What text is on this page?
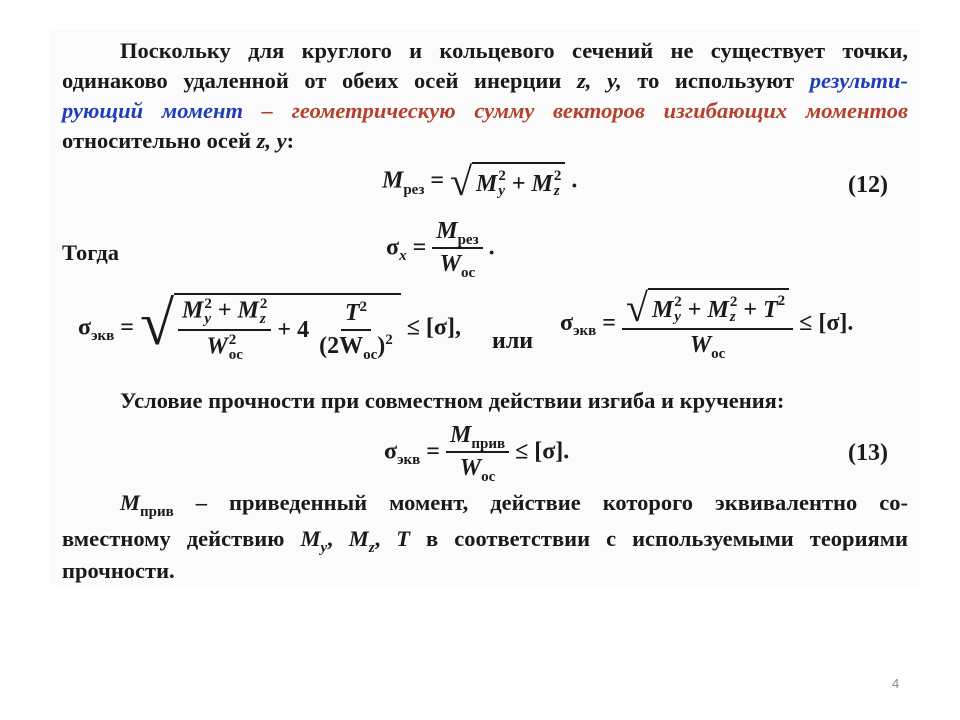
Поскольку для круглого и кольцевого сечений не существует точки,
одинаково удаленной от обеих осей инерции z, y, то используют результи-
рующий момент – геометрическую сумму векторов изгибающих моментов
относительно осей z, y:
$M_{рез}$ = √ M 2
y
+
M 2
z .	(12)
Тогда	$\sigma_x = \frac{M_{рез}}{W_{ос}}$ .
$\sigma_{экв}$ = √ M 2
y + M 2
z
W 2
ос
+ 4
$\frac{T^2}{(2W_{ос})^2} \le [\sigma]$,
или
$\sigma_{экв}$ = √ M 2
y
+
M 2
z
+
T 2
$W_{ос} \le [\sigma]$.
Условие прочности при совместном действии изгиба и кручения:
$\sigma_{экв} = \frac{M_{прив}}{W_{ос}} \le [\sigma]$.	(13)
$M_{прив}$ – приведенный момент, действие которого эквивалентно со-
вместному действию $M_y$, $M_z$, T в соответствии с используемыми теориями
прочности.
4
